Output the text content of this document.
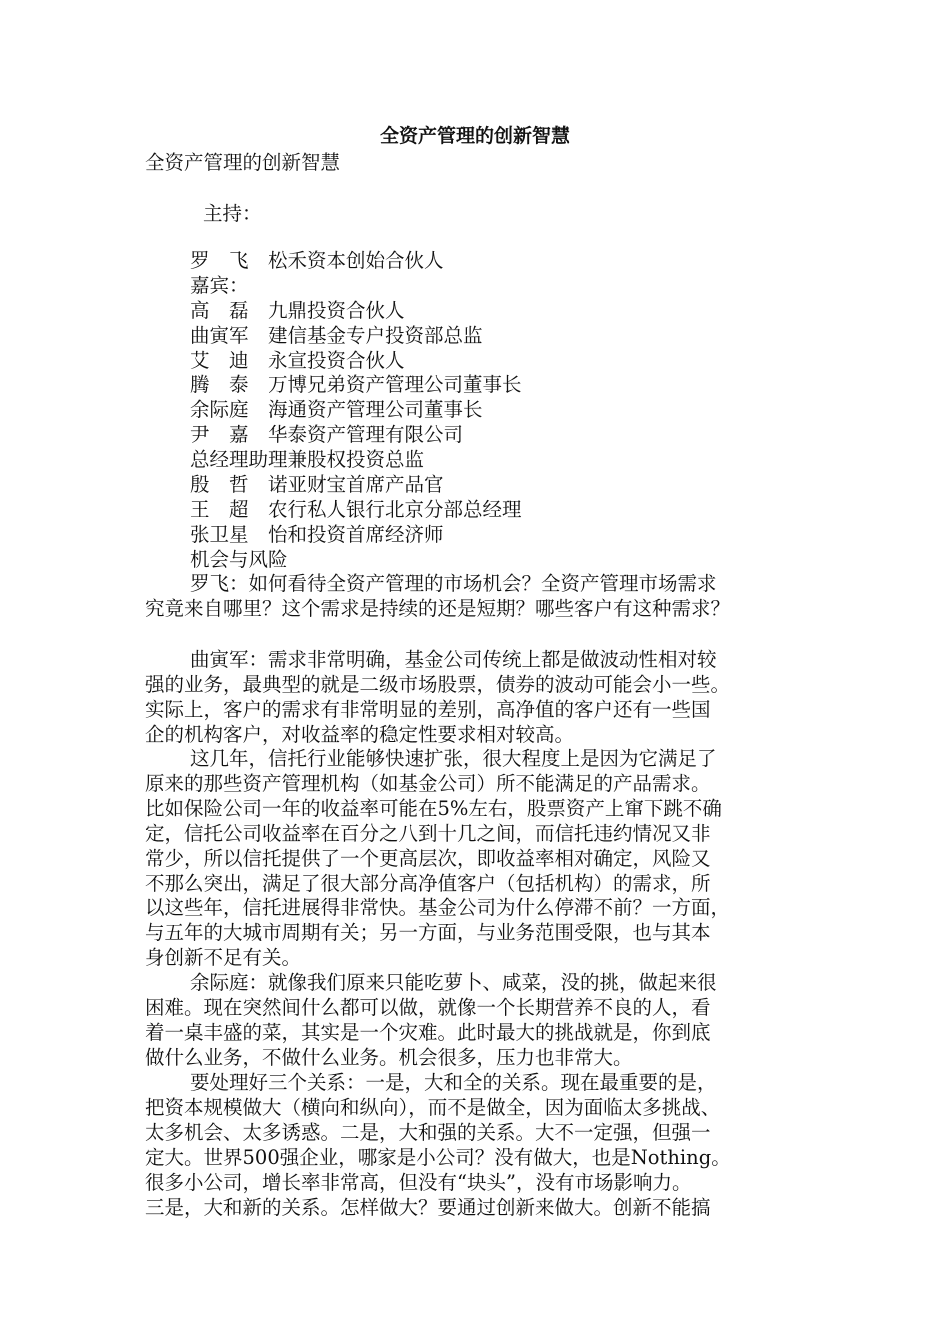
全资产管理的创新智慧
全资产管理的创新智慧
主持：
罗　飞　松禾资本创始合伙人
嘉宾：
高　磊　九鼎投资合伙人
曲寅军　建信基金专户投资部总监
艾　迪　永宣投资合伙人
腾　泰　万博兄弟资产管理公司董事长
余际庭　海通资产管理公司董事长
尹　嘉　华泰资产管理有限公司
总经理助理兼股权投资总监
殷　哲　诺亚财宝首席产品官
王　超　农行私人银行北京分部总经理
张卫星　怡和投资首席经济师
机会与风险
罗飞：如何看待全资产管理的市场机会？全资产管理市场需求
究竟来自哪里？这个需求是持续的还是短期？哪些客户有这种需求？
曲寅军：需求非常明确，基金公司传统上都是做波动性相对较
强的业务，最典型的就是二级市场股票，债券的波动可能会小一些。
实际上，客户的需求有非常明显的差别，高净值的客户还有一些国
企的机构客户，对收益率的稳定性要求相对较高。
这几年，信托行业能够快速扩张，很大程度上是因为它满足了
原来的那些资产管理机构（如基金公司）所不能满足的产品需求。
比如保险公司一年的收益率可能在5%左右，股票资产上窜下跳不确
定，信托公司收益率在百分之八到十几之间，而信托违约情况又非
常少，所以信托提供了一个更高层次，即收益率相对确定，风险又
不那么突出，满足了很大部分高净值客户（包括机构）的需求，所
以这些年，信托进展得非常快。基金公司为什么停滞不前？一方面，
与五年的大城市周期有关；另一方面，与业务范围受限，也与其本
身创新不足有关。
余际庭：就像我们原来只能吃萝卜、咸菜，没的挑，做起来很
困难。现在突然间什么都可以做，就像一个长期营养不良的人，看
着一桌丰盛的菜，其实是一个灾难。此时最大的挑战就是，你到底
做什么业务，不做什么业务。机会很多，压力也非常大。
要处理好三个关系：一是，大和全的关系。现在最重要的是，
把资本规模做大（横向和纵向），而不是做全，因为面临太多挑战、
太多机会、太多诱惑。二是，大和强的关系。大不一定强，但强一
定大。世界500强企业，哪家是小公司？没有做大，也是Nothing。
很多小公司，增长率非常高，但没有“块头”，没有市场影响力。
三是，大和新的关系。怎样做大？要通过创新来做大。创新不能搞
